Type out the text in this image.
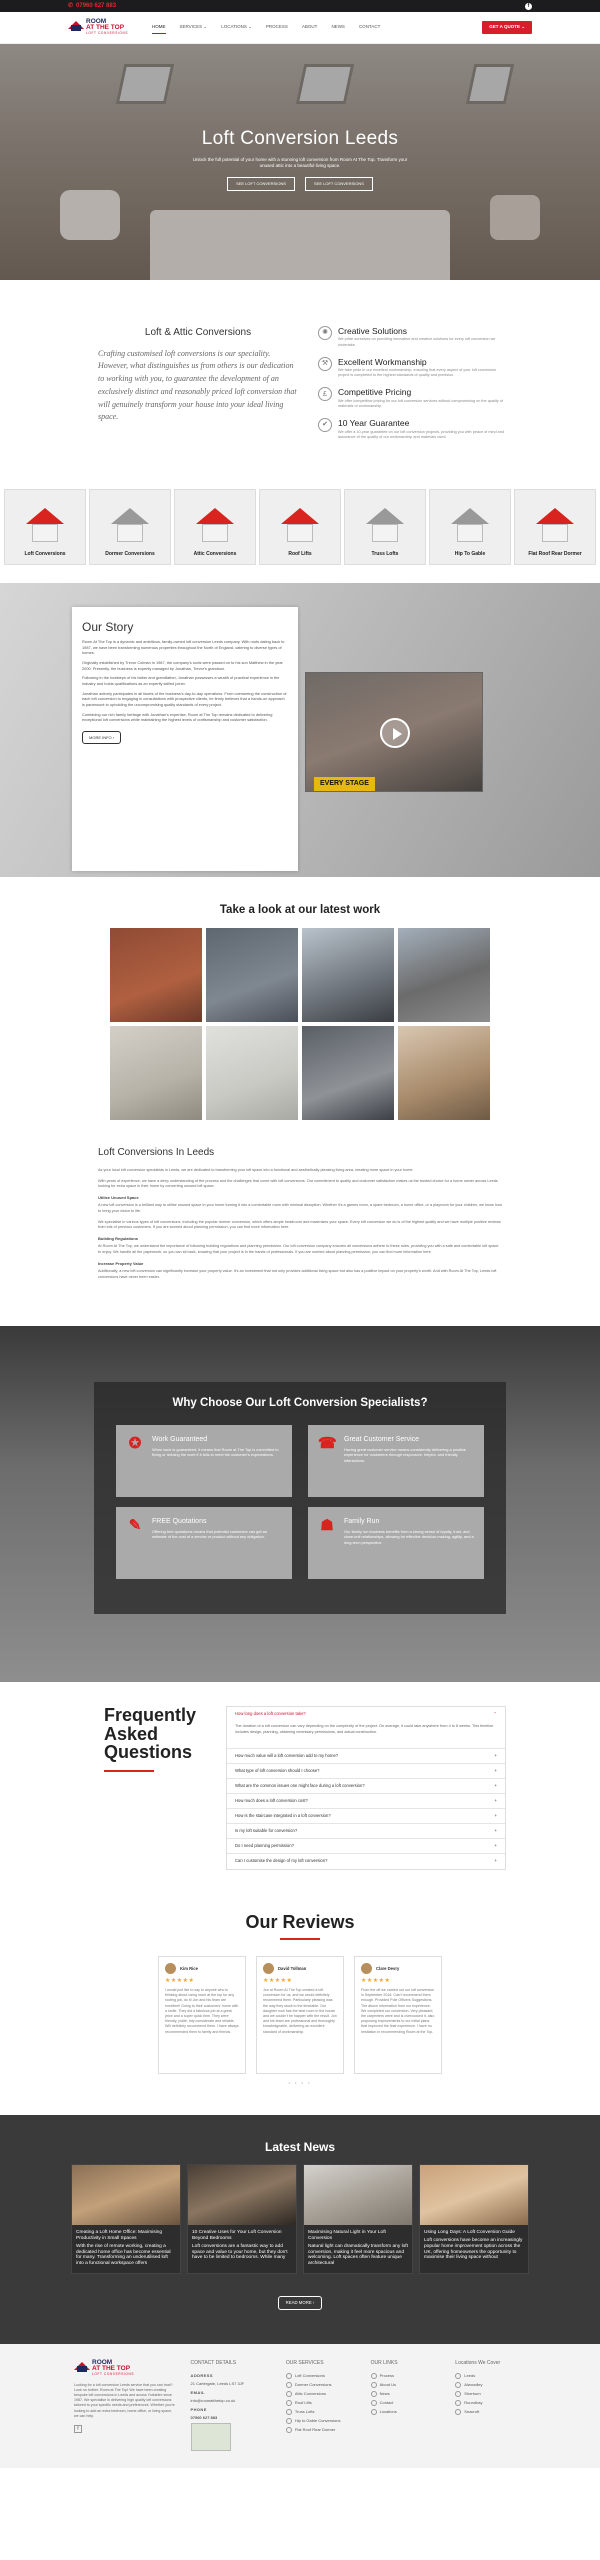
✆ 07960 627 883	f
ROOM
AT THE TOP
LOFT CONVERSIONS
HOME	SERVICES ⌄	LOCATIONS ⌄	PROCESS	ABOUT	NEWS	CONTACT	GET A QUOTE ⌄
Loft Conversion Leeds

Unlock the full potential of your home with a stunning loft conversion from Room At The Top. Transform your unused attic into a beautiful living space.

SEE LOFT CONVERSIONS	SEE LOFT CONVERSIONS
Loft & Attic Conversions
Crafting customised loft conversions is our speciality. However, what distinguishes us from others is our dedication to working with you, to guarantee the development of an exclusively distinct and reasonably priced loft conversion that will genuinely transform your house into your ideal living space.
✺	Creative Solutions

We pride ourselves on providing innovative and creative solutions for every loft conversion we undertake.

⚒	Excellent Workmanship

We take pride in our excellent workmanship, ensuring that every aspect of your loft conversion project is completed to the highest standards of quality and precision.

£	Competitive Pricing

We offer competitive pricing for our loft conversion services without compromising on the quality of materials or workmanship.

✔	10 Year Guarantee

We offer a 10-year guarantee on our loft conversion projects, providing you with peace of mind and assurance of the quality of our workmanship and materials used.

Loft Conversions	Dormer Conversions	Attic Conversions	Roof Lifts	Truss Lofts	Hip To Gable	Flat Roof Rear Dormer
Our Story

Room At The Top is a dynamic and ambitious, family-owned loft conversion Leeds company. With roots dating back to 1987, we have been transforming numerous properties throughout the North of England, catering to diverse types of homes.

Originally established by Trevor Colman in 1987, the company's roots were passed on to his son Matthew in the year 2000. Presently, the business is expertly managed by Jonathan, Trevor's grandson.

Following in the footsteps of his father and grandfather, Jonathan possesses a wealth of practical experience in the industry and holds qualifications as an expertly skilled joiner.

Jonathan actively participates in all facets of the business's day-to-day operations. From overseeing the construction of each loft conversion to engaging in consultations with prospective clients, he firmly believes that a hands-on approach is paramount to upholding the uncompromising quality standards of every project.

Combining our rich family heritage with Jonathan's expertise, Room at The Top remains dedicated to delivering exceptional loft conversions while maintaining the highest levels of craftsmanship and customer satisfaction.

MORE INFO ›
EVERY STAGE
Take a look at our latest work
Loft Conversions In Leeds

As your local loft conversion specialists in Leeds, we are dedicated to transforming your loft space into a functional and aesthetically pleasing living area, creating more space in your home.

With years of experience, we have a deep understanding of the process and the challenges that come with loft conversions. Our commitment to quality and customer satisfaction makes us the trusted choice for a home owner across Leeds looking for extra space in their home by converting unused loft space.

Utilise Unused Space

A new loft conversion is a brilliant way to utilise unused space in your home turning it into a comfortable room with minimal disruption. Whether it's a games room, a spare bedroom, a home office, or a playroom for your children, we know how to bring your vision to life.

We specialise in various types of loft conversions, including the popular dormer conversion, which offers ample headroom and maximises your space. Every loft conversion we do is of the highest quality and we have multiple positive reviews from lots of previous customers. If you are worried about planning permission, you can find more information here.

Building Regulations

At Room At The Top, we understand the importance of following building regulations and planning permission. Our loft conversion company ensures all conversions adhere to these rules, providing you with a safe and comfortable loft space to enjoy. We handle all the paperwork, so you can sit back, knowing that your project is in the hands of professionals. If you are worried about planning permission, you can find more information here.

Increase Property Value

Additionally, a new loft conversion can significantly increase your property value. It's an investment that not only provides additional living space but also has a positive impact on your property's worth. And with Room At The Top, Leeds loft conversions have never been easier.

Why Choose Our Loft Conversion Specialists?
✪	Work Guaranteed

When work is guaranteed, it means that Room at The Top is committed to fixing or redoing the work if it fails to meet the customer's expectations.

☎ Great Customer Service

Having great customer service means consistently delivering a positive experience for customers through responsive, helpful, and friendly interactions.

✎	FREE Quotations

Offering free quotations means that potential customers can get an estimate of the cost of a service or product without any obligation.

☗	Family Run

Our family run business benefits from a strong sense of loyalty, trust, and close-knit relationships, allowing for effective decision-making, agility, and a long-term perspective.

Frequently Asked Questions
How long does a loft conversion take?	⌃
The duration of a loft conversion can vary depending on the complexity of the project. On average, it could take anywhere from 4 to 8 weeks. This timeline includes design, planning, obtaining necessary permissions, and actual construction.
How much value will a loft conversion add to my home?	+
What type of loft conversion should I choose?	+
What are the common issues one might face during a loft conversion?	+
How much does a loft conversion cost?	+
How is the staircase integrated in a loft conversion?	+
Is my loft suitable for conversion?	+
Do I need planning permission?	+
Can I customise the design of my loft conversion?	+
Our Reviews
Kim Rice
★★★★★

I would just like to say to anyone who is thinking about using room at the top for any roofing job, do it! Jon and his team are excellent! Going to their customers' home with a smile. They did a fabulous job at a great price and a super quick time. They were friendly, polite, tidy considerate and reliable. Will definitely recommend them. I have always recommended them to family and friends.

David Tollman
★★★★★

Jon at Room At The Top created a loft conversion for us, and we would definitely recommend them. Particularly pleasing was the way they stuck to the timetable. Our daughter now has the best room in the house and we couldn't be happier with the result. Jon and his team are professional and thoroughly knowledgeable, delivering an excellent standard of workmanship.

Clare Devry
★★★★★

From the off we carried out our loft conversion in September 2018. Can't recommend them enough. Provided Pole Officers Suggestions. The above information from our experience. We completed our conversion. Very pleasant; the carpenters were and is overcooked it, also proposing improvements to our initial plans that improved the final experience. I have no hesitation in recommending Room at the Top.

• • • •
Latest News
Creating a Loft Home Office: Maximising Productivity in Small Spaces

With the rise of remote working, creating a dedicated home office has become essential for many. Transforming an underutilised loft into a functional workspace offers

10 Creative Uses for Your Loft Conversion Beyond Bedrooms

Loft conversions are a fantastic way to add space and value to your home, but they don't have to be limited to bedrooms. While many

Maximising Natural Light in Your Loft Conversion

Natural light can dramatically transform any loft conversion, making it feel more spacious and welcoming. Loft spaces often feature unique architectural

Using Long Days: A Loft Conversion Guide

Loft conversions have become an increasingly popular home improvement option across the UK, offering homeowners the opportunity to maximise their living space without

READ MORE ›
ROOM
AT THE TOP
LOFT CONVERSIONS

Looking for a loft conversion Leeds service that you can trust? Look no further. Room at The Top! We have been creating bespoke loft conversions in Leeds and across Yorkshire since 1987. We specialise in delivering high quality loft conversions tailored to your specific needs and preferences. Whether you're looking to add an extra bedroom, home office, or living space, we can help.

f
CONTACT DETAILS
ADDRESS
21 Cartergate, Leeds LS7 3JF
EMAIL
info@roomatthetop.co.uk
PHONE
07960 627 883
OUR SERVICES
Loft Conversions
Dormer Conversions
Attic Conversions
Roof Lifts
Truss Lofts
Hip to Gable Conversions
Flat Roof Rear Dormer
OUR LINKS
Process
About Us
News
Contact
Locations
Locations We Cover
Leeds
Alwoodley
Sherburn
Roundhay
Seacroft
